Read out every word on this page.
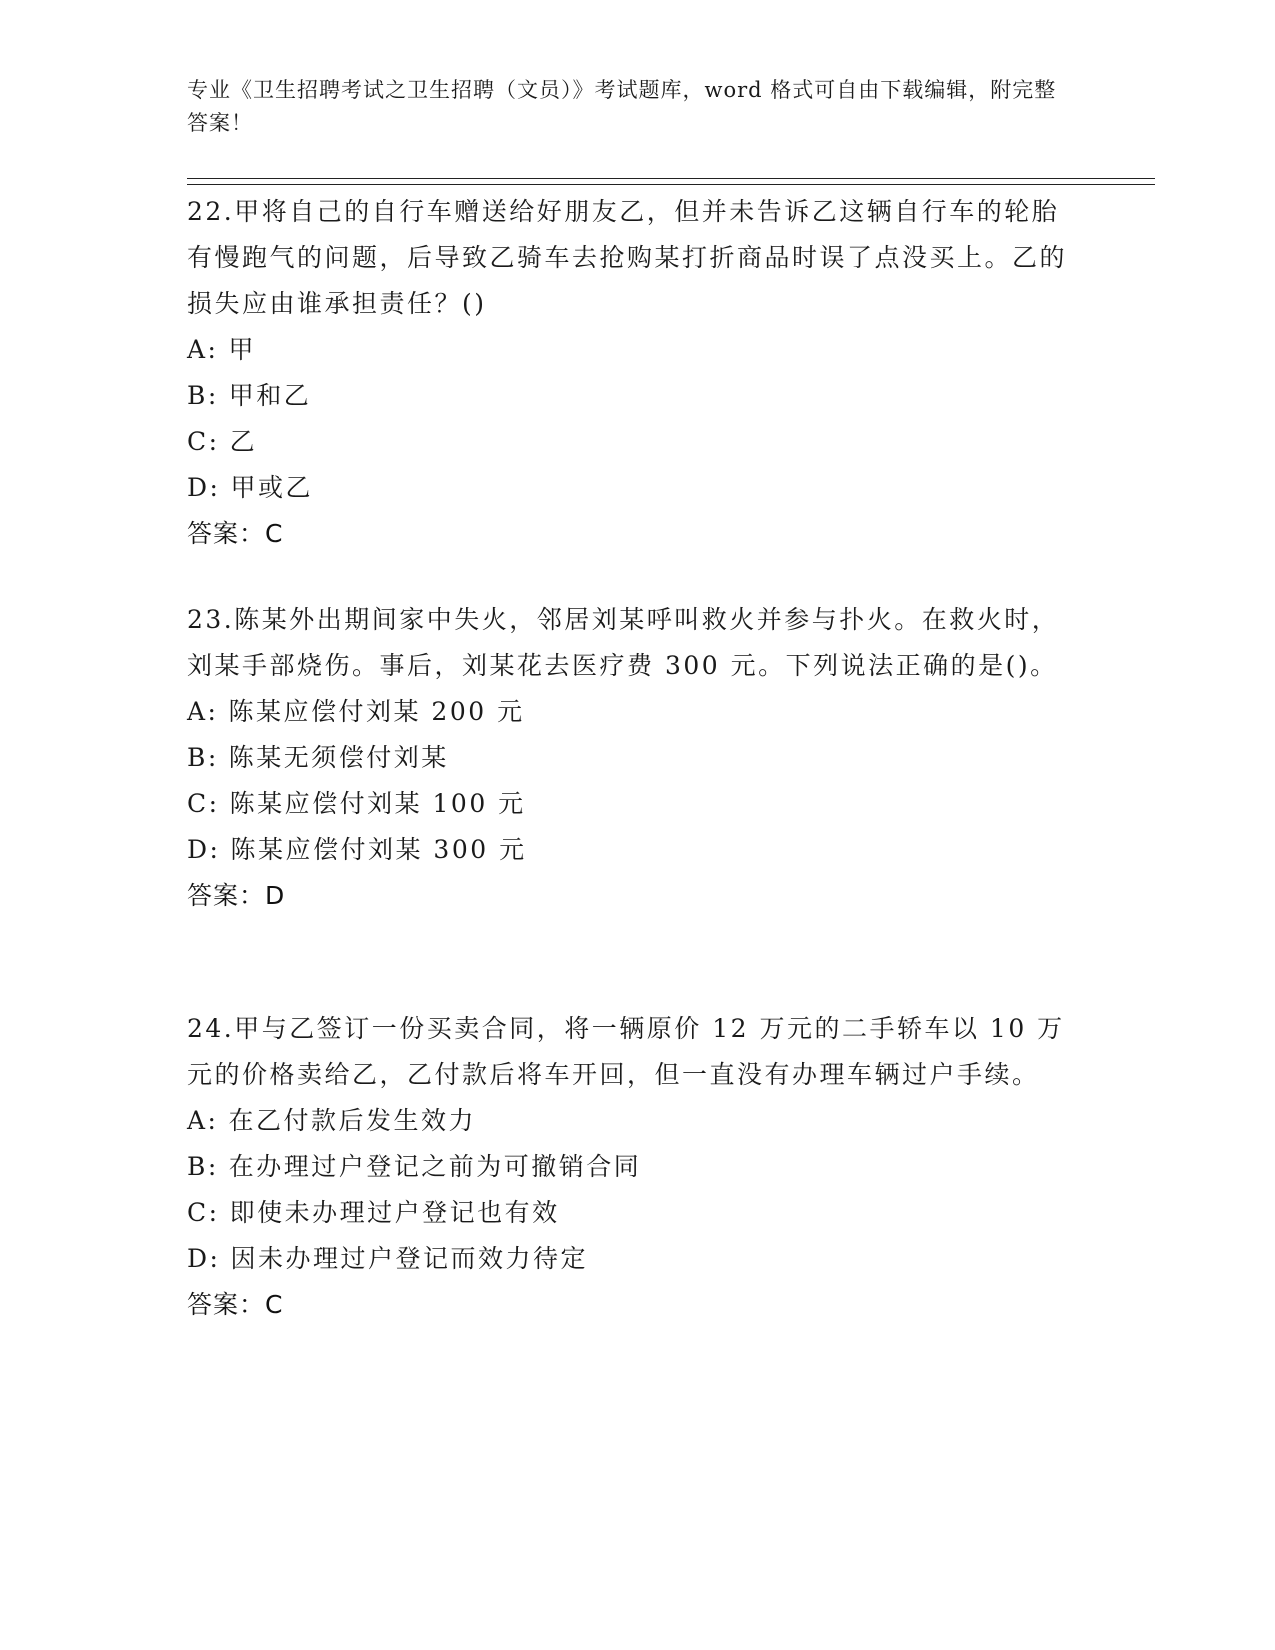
专业《卫生招聘考试之卫生招聘（文员）》考试题库，word 格式可自由下载编辑，附完整答案！
22.甲将自己的自行车赠送给好朋友乙，但并未告诉乙这辆自行车的轮胎有慢跑气的问题，后导致乙骑车去抢购某打折商品时误了点没买上。乙的损失应由谁承担责任？()
A: 甲
B: 甲和乙
C: 乙
D: 甲或乙
答案：C
23.陈某外出期间家中失火，邻居刘某呼叫救火并参与扑火。在救火时，刘某手部烧伤。事后，刘某花去医疗费 300 元。下列说法正确的是()。
A: 陈某应偿付刘某 200 元
B: 陈某无须偿付刘某
C: 陈某应偿付刘某 100 元
D: 陈某应偿付刘某 300 元
答案：D
24.甲与乙签订一份买卖合同，将一辆原价 12 万元的二手轿车以 10 万元的价格卖给乙，乙付款后将车开回，但一直没有办理车辆过户手续。
A: 在乙付款后发生效力
B: 在办理过户登记之前为可撤销合同
C: 即使未办理过户登记也有效
D: 因未办理过户登记而效力待定
答案：C
